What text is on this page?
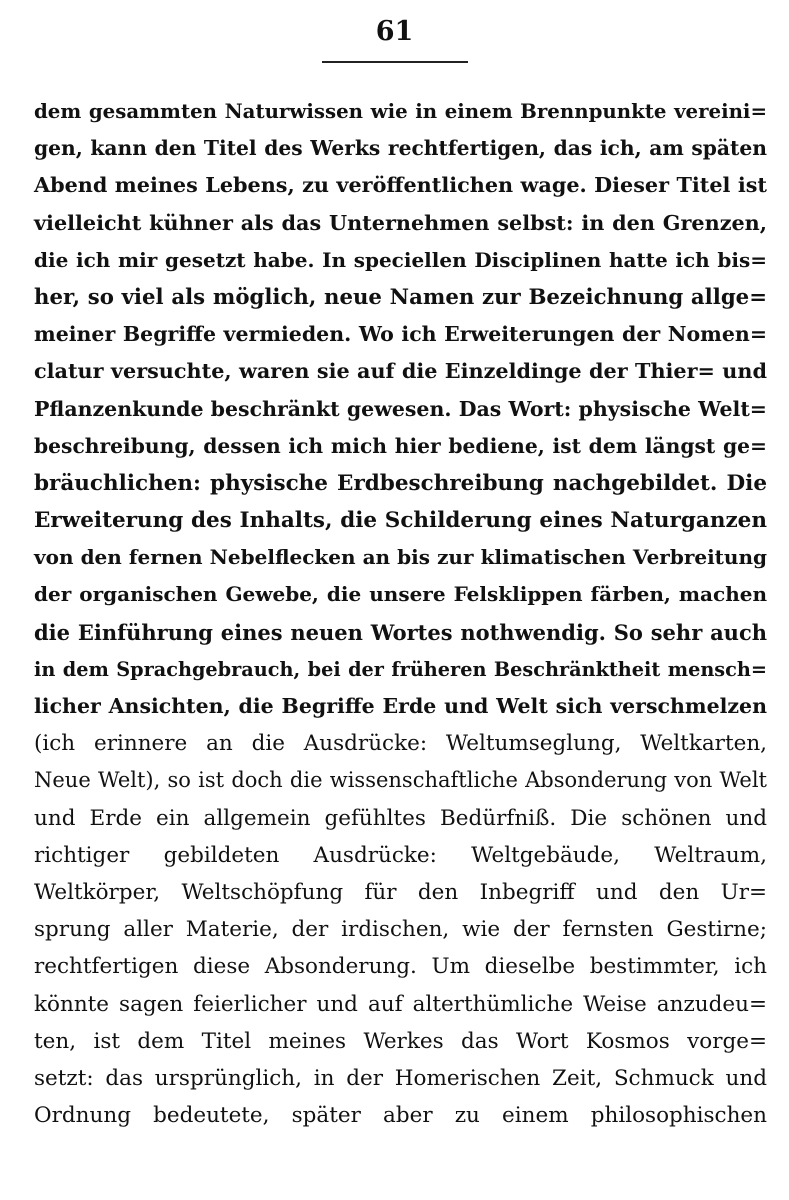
61
dem gesammten Naturwissen wie in einem Brennpunkte vereini=
gen, kann den Titel des Werks rechtfertigen, das ich, am späten
Abend meines Lebens, zu veröffentlichen wage. Dieser Titel ist
vielleicht kühner als das Unternehmen selbst: in den Grenzen,
die ich mir gesetzt habe. In speciellen Disciplinen hatte ich bis=
her, so viel als möglich, neue Namen zur Bezeichnung allge=
meiner Begriffe vermieden. Wo ich Erweiterungen der Nomen=
clatur versuchte, waren sie auf die Einzeldinge der Thier= und
Pflanzenkunde beschränkt gewesen. Das Wort: physische Welt=
beschreibung, dessen ich mich hier bediene, ist dem längst ge=
bräuchlichen: physische Erdbeschreibung nachgebildet. Die
Erweiterung des Inhalts, die Schilderung eines Naturganzen
von den fernen Nebelflecken an bis zur klimatischen Verbreitung
der organischen Gewebe, die unsere Felsklippen färben, machen
die Einführung eines neuen Wortes nothwendig. So sehr auch
in dem Sprachgebrauch, bei der früheren Beschränktheit mensch=
licher Ansichten, die Begriffe Erde und Welt sich verschmelzen
(ich erinnere an die Ausdrücke: Weltumseglung, Weltkarten,
Neue Welt), so ist doch die wissenschaftliche Absonderung von Welt
und Erde ein allgemein gefühltes Bedürfniß. Die schönen und
richtiger gebildeten Ausdrücke: Weltgebäude, Weltraum,
Weltkörper, Weltschöpfung für den Inbegriff und den Ur=
sprung aller Materie, der irdischen, wie der fernsten Gestirne;
rechtfertigen diese Absonderung. Um dieselbe bestimmter, ich
könnte sagen feierlicher und auf alterthümliche Weise anzudeu=
ten, ist dem Titel meines Werkes das Wort Kosmos vorge=
setzt: das ursprünglich, in der Homerischen Zeit, Schmuck und
Ordnung bedeutete, später aber zu einem philosophischen
